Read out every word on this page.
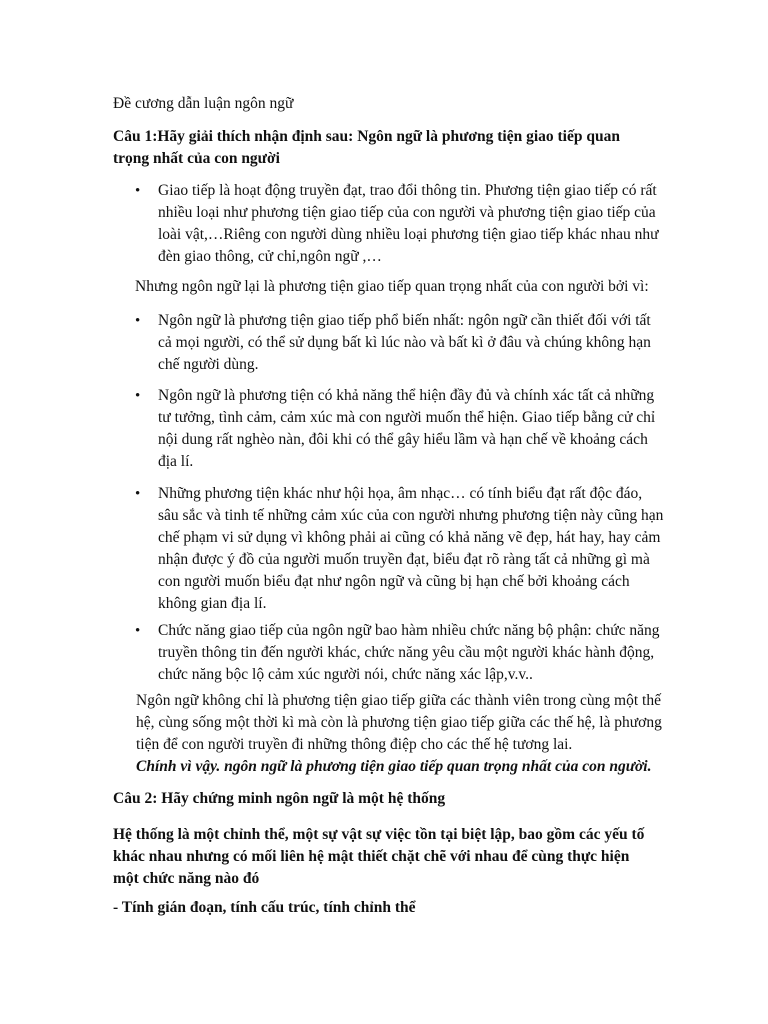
Đề cương dẫn luận ngôn ngữ
Câu 1:Hãy giải thích nhận định sau: Ngôn ngữ là phương tiện giao tiếp quan trọng nhất của con người
•	Giao tiếp là hoạt động truyền đạt, trao đổi thông tin. Phương tiện giao tiếp có rất nhiều loại như phương tiện giao tiếp của con người và phương tiện giao tiếp của loài vật,…Riêng con người dùng nhiều loại phương tiện giao tiếp khác nhau như đèn giao thông, cử chỉ,ngôn ngữ ,…
Nhưng ngôn ngữ lại là phương tiện giao tiếp quan trọng nhất của con người bởi vì:
•	Ngôn ngữ là phương tiện giao tiếp phổ biến nhất: ngôn ngữ cần thiết đối với tất cả mọi người, có thể sử dụng bất kì lúc nào và bất kì ở đâu và chúng không hạn chế người dùng.
•	Ngôn ngữ là phương tiện có khả năng thể hiện đầy đủ và chính xác tất cả những tư tưởng, tình cảm, cảm xúc mà con người muốn thể hiện. Giao tiếp bằng cử chỉ nội dung rất nghèo nàn, đôi khi có thể gây hiểu lầm và hạn chế về khoảng cách địa lí.
•	Những phương tiện khác như hội họa, âm nhạc… có tính biểu đạt rất độc đáo, sâu sắc và tinh tế những cảm xúc của con người nhưng phương tiện này cũng hạn chế phạm vi sử dụng vì không phải ai cũng có khả năng vẽ đẹp, hát hay, hay cảm nhận được ý đồ của người muốn truyền đạt, biểu đạt rõ ràng tất cả những gì mà con người muốn biểu đạt như ngôn ngữ và cũng bị hạn chế bởi khoảng cách không gian địa lí.
•	Chức năng giao tiếp của ngôn ngữ bao hàm nhiều chức năng bộ phận: chức năng truyền thông tin đến người khác, chức năng yêu cầu một người khác hành động, chức năng bộc lộ cảm xúc người nói, chức năng xác lập,v.v..
Ngôn ngữ không chỉ là phương tiện giao tiếp giữa các thành viên trong cùng một thế hệ, cùng sống một thời kì mà còn là phương tiện giao tiếp giữa các thế hệ, là phương tiện để con người truyền đi những thông điệp cho các thế hệ tương lai.
Chính vì vậy. ngôn ngữ là phương tiện giao tiếp quan trọng nhất của con người.
Câu 2: Hãy chứng minh ngôn ngữ là một hệ thống
Hệ thống là một chỉnh thể, một sự vật sự việc tồn tại biệt lập, bao gồm các yếu tố khác nhau nhưng có mối liên hệ mật thiết chặt chẽ với nhau để cùng thực hiện một chức năng nào đó
- Tính gián đoạn, tính cấu trúc, tính chỉnh thể
